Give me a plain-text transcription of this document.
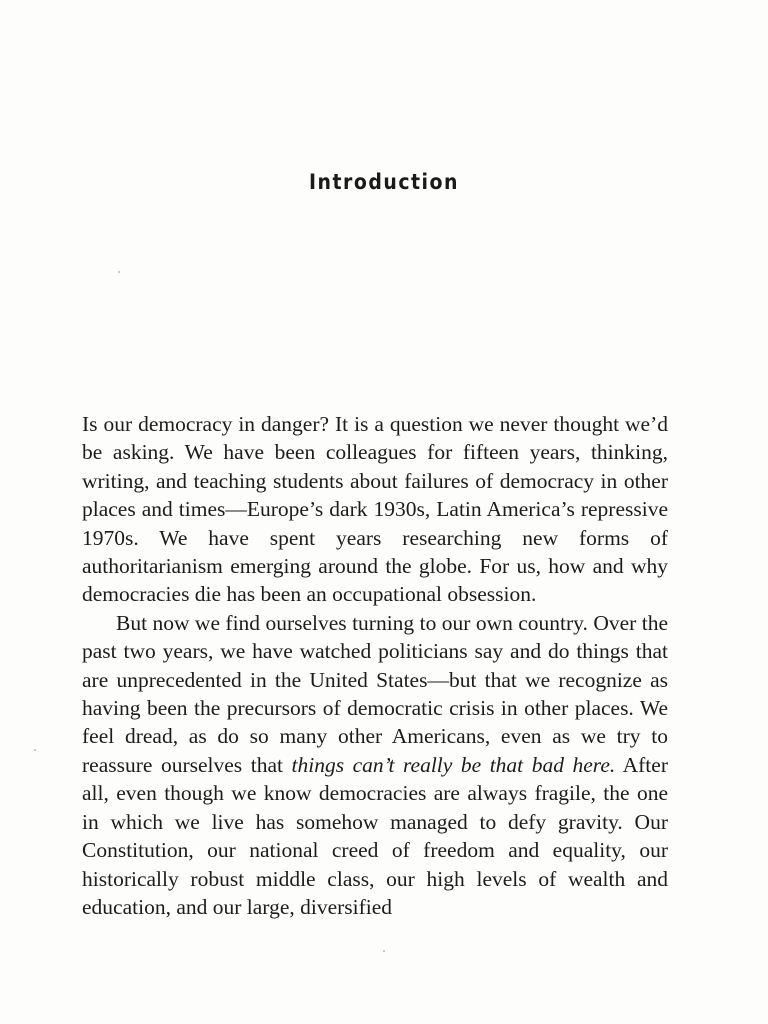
Introduction

Is our democracy in danger? It is a question we never thought we’d be asking. We have been colleagues for fifteen years, thinking, writing, and teaching students about failures of democracy in other places and times—Europe’s dark 1930s, Latin America’s repressive 1970s. We have spent years researching new forms of authoritarianism emerging around the globe. For us, how and why democracies die has been an occupational obsession.

But now we find ourselves turning to our own country. Over the past two years, we have watched politicians say and do things that are unprecedented in the United States—but that we recognize as having been the precursors of democratic crisis in other places. We feel dread, as do so many other Americans, even as we try to reassure ourselves that things can’t really be that bad here. After all, even though we know democracies are always fragile, the one in which we live has somehow managed to defy gravity. Our Constitution, our national creed of freedom and equality, our historically robust middle class, our high levels of wealth and education, and our large, diversified
